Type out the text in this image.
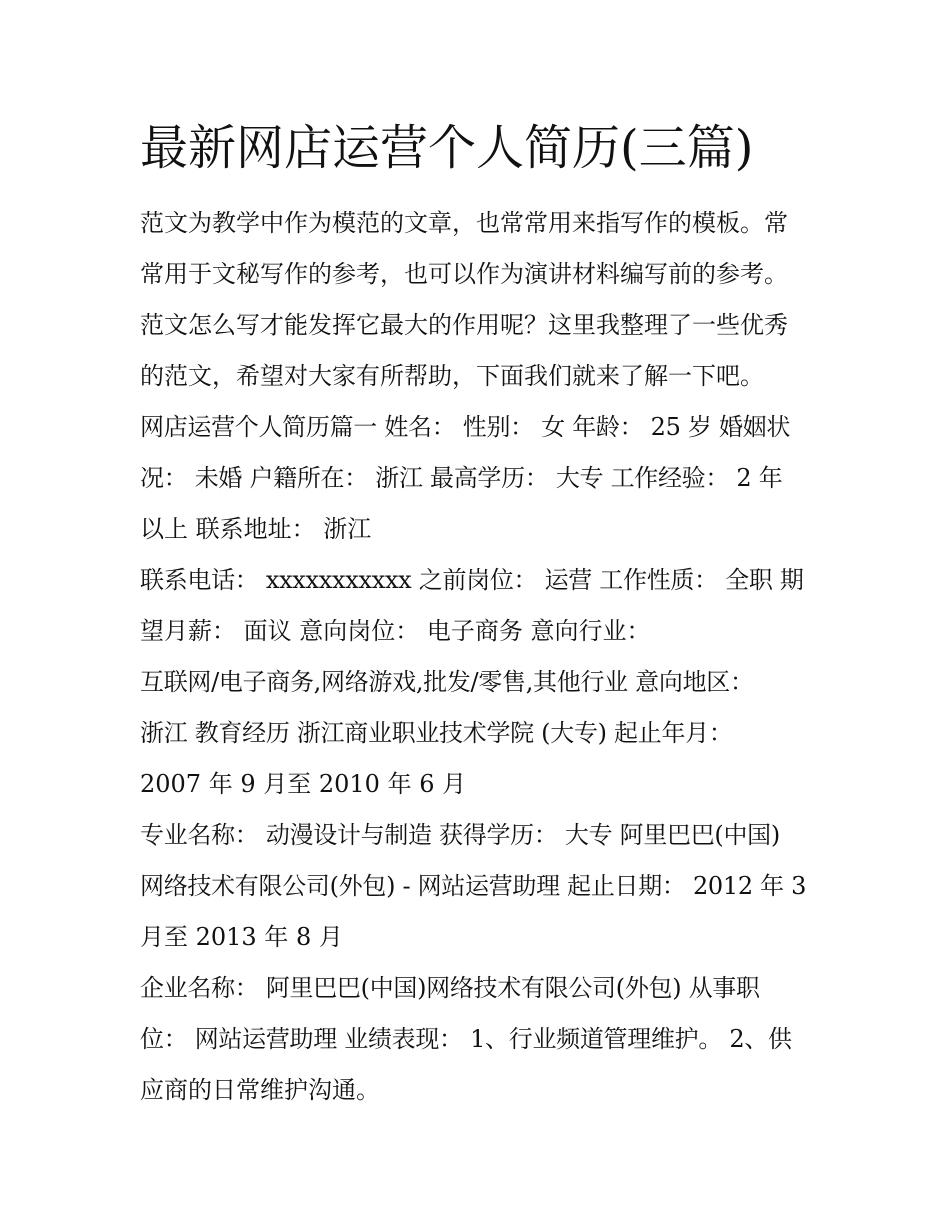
最新网店运营个人简历(三篇)
范文为教学中作为模范的文章，也常常用来指写作的模板。常
常用于文秘写作的参考，也可以作为演讲材料编写前的参考。
范文怎么写才能发挥它最大的作用呢？这里我整理了一些优秀
的范文，希望对大家有所帮助，下面我们就来了解一下吧。
网店运营个人简历篇一 姓名： 性别： 女 年龄： 25 岁 婚姻状
况： 未婚 户籍所在： 浙江 最高学历： 大专 工作经验： 2 年
以上 联系地址： 浙江
联系电话： xxxxxxxxxxx 之前岗位： 运营 工作性质： 全职 期
望月薪： 面议 意向岗位： 电子商务 意向行业：
互联网/电子商务,网络游戏,批发/零售,其他行业 意向地区：
浙江 教育经历 浙江商业职业技术学院 (大专) 起止年月：
2007 年 9 月至 2010 年 6 月
专业名称： 动漫设计与制造 获得学历： 大专 阿里巴巴(中国)
网络技术有限公司(外包) - 网站运营助理 起止日期： 2012 年 3
月至 2013 年 8 月
企业名称： 阿里巴巴(中国)网络技术有限公司(外包) 从事职
位： 网站运营助理 业绩表现： 1、行业频道管理维护。 2、供
应商的日常维护沟通。
